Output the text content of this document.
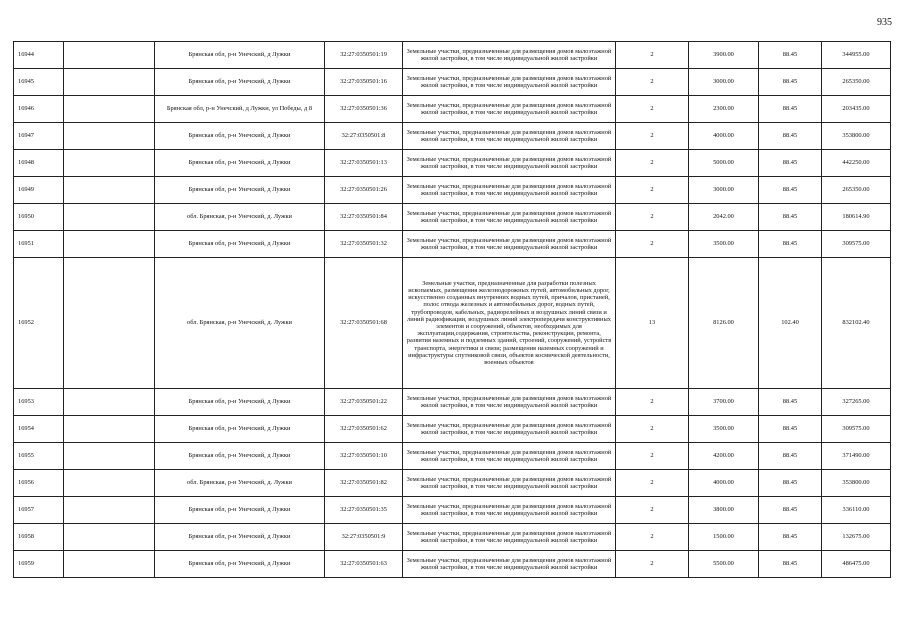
935
16944		Брянская обл, р-н Унечский, д Лужки	32:27:0350501:19	Земельные участки, предназначенные для размещения домов малоэтажной жилой застройки, в том числе индивидуальной жилой застройки	2	3900.00	88.45	344955.00
16945		Брянская обл, р-н Унечский, д Лужки	32:27:0350501:16	Земельные участки, предназначенные для размещения домов малоэтажной жилой застройки, в том числе индивидуальной жилой застройки	2	3000.00	88.45	265350.00
16946		Брянская обл, р-н Унечский, д Лужки, ул Победы, д 8	32:27:0350501:36	Земельные участки, предназначенные для размещения домов малоэтажной жилой застройки, в том числе индивидуальной жилой застройки	2	2300.00	88.45	203435.00
16947		Брянская обл, р-н Унечский, д Лужки	32:27:0350501:8	Земельные участки, предназначенные для размещения домов малоэтажной жилой застройки, в том числе индивидуальной жилой застройки	2	4000.00	88.45	353800.00
16948		Брянская обл, р-н Унечский, д Лужки	32:27:0350501:13	Земельные участки, предназначенные для размещения домов малоэтажной жилой застройки, в том числе индивидуальной жилой застройки	2	5000.00	88.45	442250.00
16949		Брянская обл, р-н Унечский, д Лужки	32:27:0350501:26	Земельные участки, предназначенные для размещения домов малоэтажной жилой застройки, в том числе индивидуальной жилой застройки	2	3000.00	88.45	265350.00
16950		обл. Брянская, р-н Унечский, д. Лужки	32:27:0350501:84	Земельные участки, предназначенные для размещения домов малоэтажной жилой застройки, в том числе индивидуальной жилой застройки	2	2042.00	88.45	180614.90
16951		Брянская обл, р-н Унечский, д Лужки	32:27:0350501:32	Земельные участки, предназначенные для размещения домов малоэтажной жилой застройки, в том числе индивидуальной жилой застройки	2	3500.00	88.45	309575.00
16952		обл. Брянская, р-н Унечский, д. Лужки	32:27:0350501:68	Земельные участки, предназначенные для разработки полезных ископаемых, размещения железнодорожных путей, автомобильных дорог, искусственно созданных внутренних водных путей, причалов, пристаней, полос отвода железных и автомобильных дорог, водных путей, трубопроводов, кабельных, радиорелейных и воздушных линий связи и линий радиофикации, воздушных линий электропередачи конструктивных элементов и сооружений, объектов, необходимых для эксплуатации,содержания, строительства, реконструкции, ремонта, развития наземных и подземных зданий, строений, сооружений, устройств транспорта, энергетики и связи; размещения наземных сооружений и инфраструктуры спутниковой связи, объектов космической деятельности, военных объектов	13	8126.00	102.40	832102.40
16953		Брянская обл, р-н Унечский, д Лужки	32:27:0350501:22	Земельные участки, предназначенные для размещения домов малоэтажной жилой застройки, в том числе индивидуальной жилой застройки	2	3700.00	88.45	327265.00
16954		Брянская обл, р-н Унечский, д Лужки	32:27:0350501:62	Земельные участки, предназначенные для размещения домов малоэтажной жилой застройки, в том числе индивидуальной жилой застройки	2	3500.00	88.45	309575.00
16955		Брянская обл, р-н Унечский, д Лужки	32:27:0350501:10	Земельные участки, предназначенные для размещения домов малоэтажной жилой застройки, в том числе индивидуальной жилой застройки	2	4200.00	88.45	371490.00
16956		обл. Брянская, р-н Унечский, д. Лужки	32:27:0350501:82	Земельные участки, предназначенные для размещения домов малоэтажной жилой застройки, в том числе индивидуальной жилой застройки	2	4000.00	88.45	353800.00
16957		Брянская обл, р-н Унечский, д Лужки	32:27:0350501:35	Земельные участки, предназначенные для размещения домов малоэтажной жилой застройки, в том числе индивидуальной жилой застройки	2	3800.00	88.45	336110.00
16958		Брянская обл, р-н Унечский, д Лужки	32:27:0350501:9	Земельные участки, предназначенные для размещения домов малоэтажной жилой застройки, в том числе индивидуальной жилой застройки	2	1500.00	88.45	132675.00
16959		Брянская обл, р-н Унечский, д Лужки	32:27:0350501:63	Земельные участки, предназначенные для размещения домов малоэтажной жилой застройки, в том числе индивидуальной жилой застройки	2	5500.00	88.45	486475.00
